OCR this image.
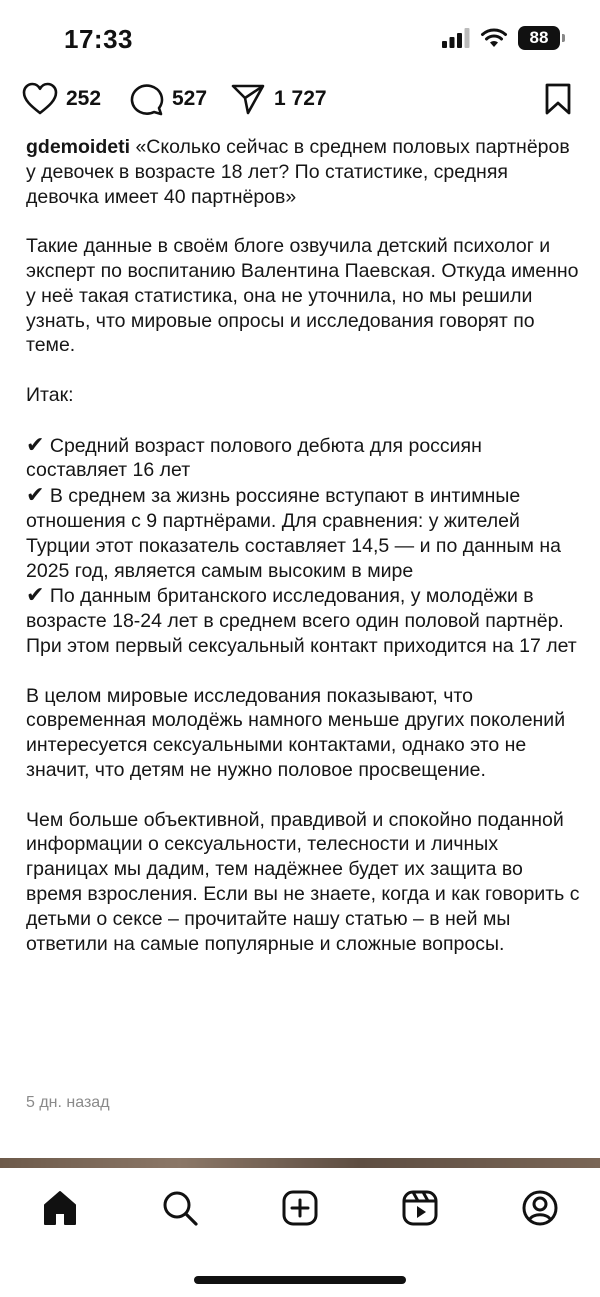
17:33	88
252	527	1 727

gdemoideti «Сколько сейчас в среднем половых партнёров у девочек в возрасте 18 лет? По статистике, средняя девочка имеет 40 партнёров»

Такие данные в своём блоге озвучила детский психолог и эксперт по воспитанию Валентина Паевская. Откуда именно у неё такая статистика, она не уточнила, но мы решили узнать, что мировые опросы и исследования говорят по теме.

Итак:

✔ Средний возраст полового дебюта для россиян составляет 16 лет
✔ В среднем за жизнь россияне вступают в интимные отношения с 9 партнёрами. Для сравнения: у жителей Турции этот показатель составляет 14,5 — и по данным на 2025 год, является самым высоким в мире
✔ По данным британского исследования, у молодёжи в возрасте 18-24 лет в среднем всего один половой партнёр. При этом первый сексуальный контакт приходится на 17 лет

В целом мировые исследования показывают, что современная молодёжь намного меньше других поколений интересуется сексуальными контактами, однако это не значит, что детям не нужно половое просвещение.

Чем больше объективной, правдивой и спокойно поданной информации о сексуальности, телесности и личных границах мы дадим, тем надёжнее будет их защита во время взросления. Если вы не знаете, когда и как говорить с детьми о сексе – прочитайте нашу статью – в ней мы ответили на самые популярные и сложные вопросы.

5 дн. назад
